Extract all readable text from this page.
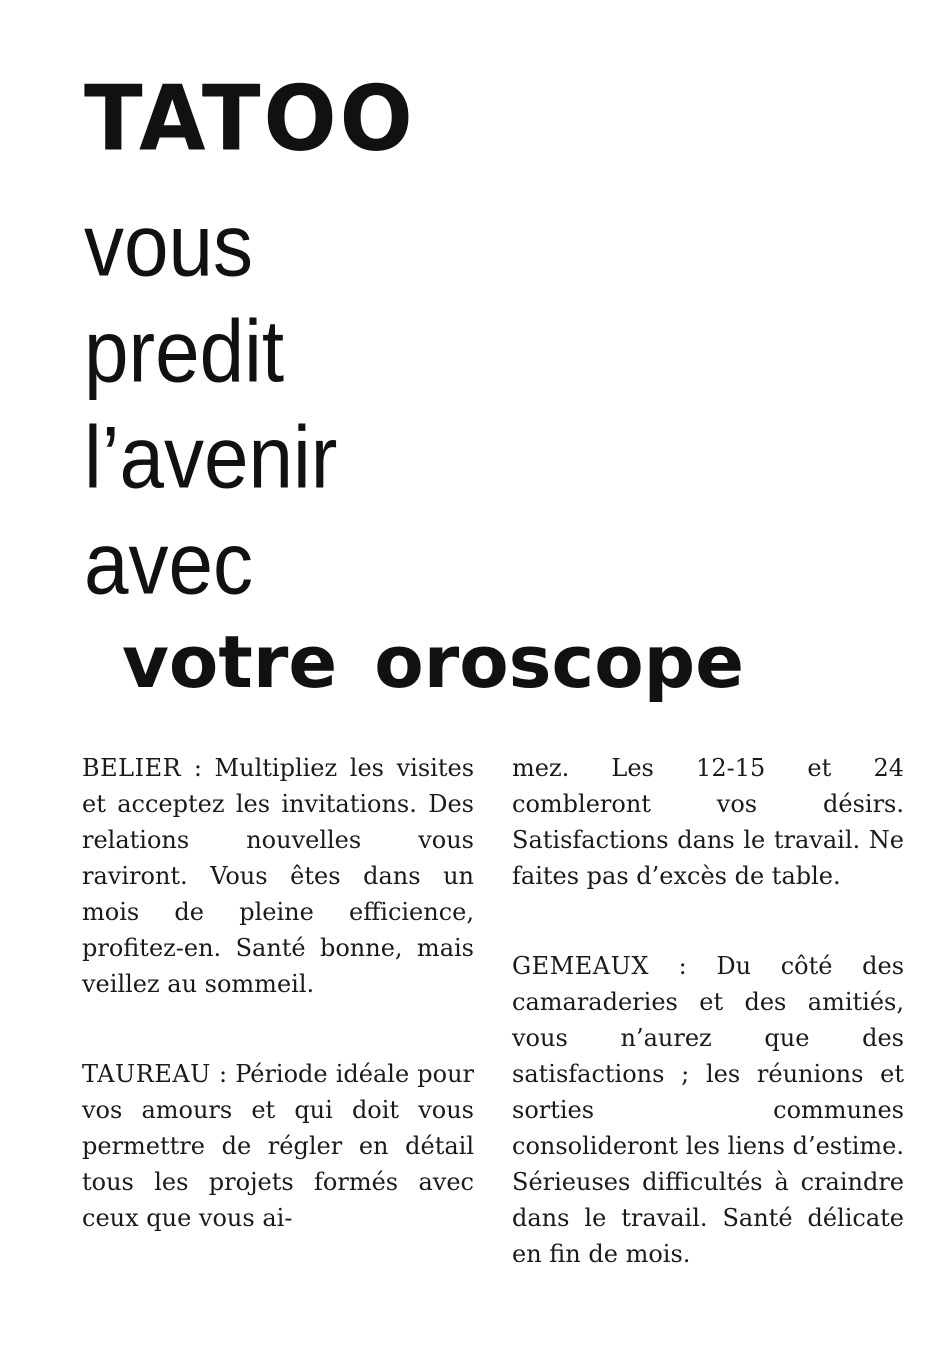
TATOO
vous
predit
l’avenir
avec
votre oroscope

BELIER : Multipliez les visites et acceptez les invitations. Des relations nouvelles vous raviront. Vous êtes dans un mois de pleine efficience, profitez-en. Santé bonne, mais veillez au sommeil.

TAUREAU : Période idéale pour vos amours et qui doit vous permettre de régler en détail tous les projets formés avec ceux que vous ai-

mez. Les 12-15 et 24 combleront vos désirs. Satisfactions dans le travail. Ne faites pas d’excès de table.

GEMEAUX : Du côté des camaraderies et des amitiés, vous n’aurez que des satisfactions ; les réunions et sorties communes consolideront les liens d’estime. Sérieuses difficultés à craindre dans le travail. Santé délicate en fin de mois.
